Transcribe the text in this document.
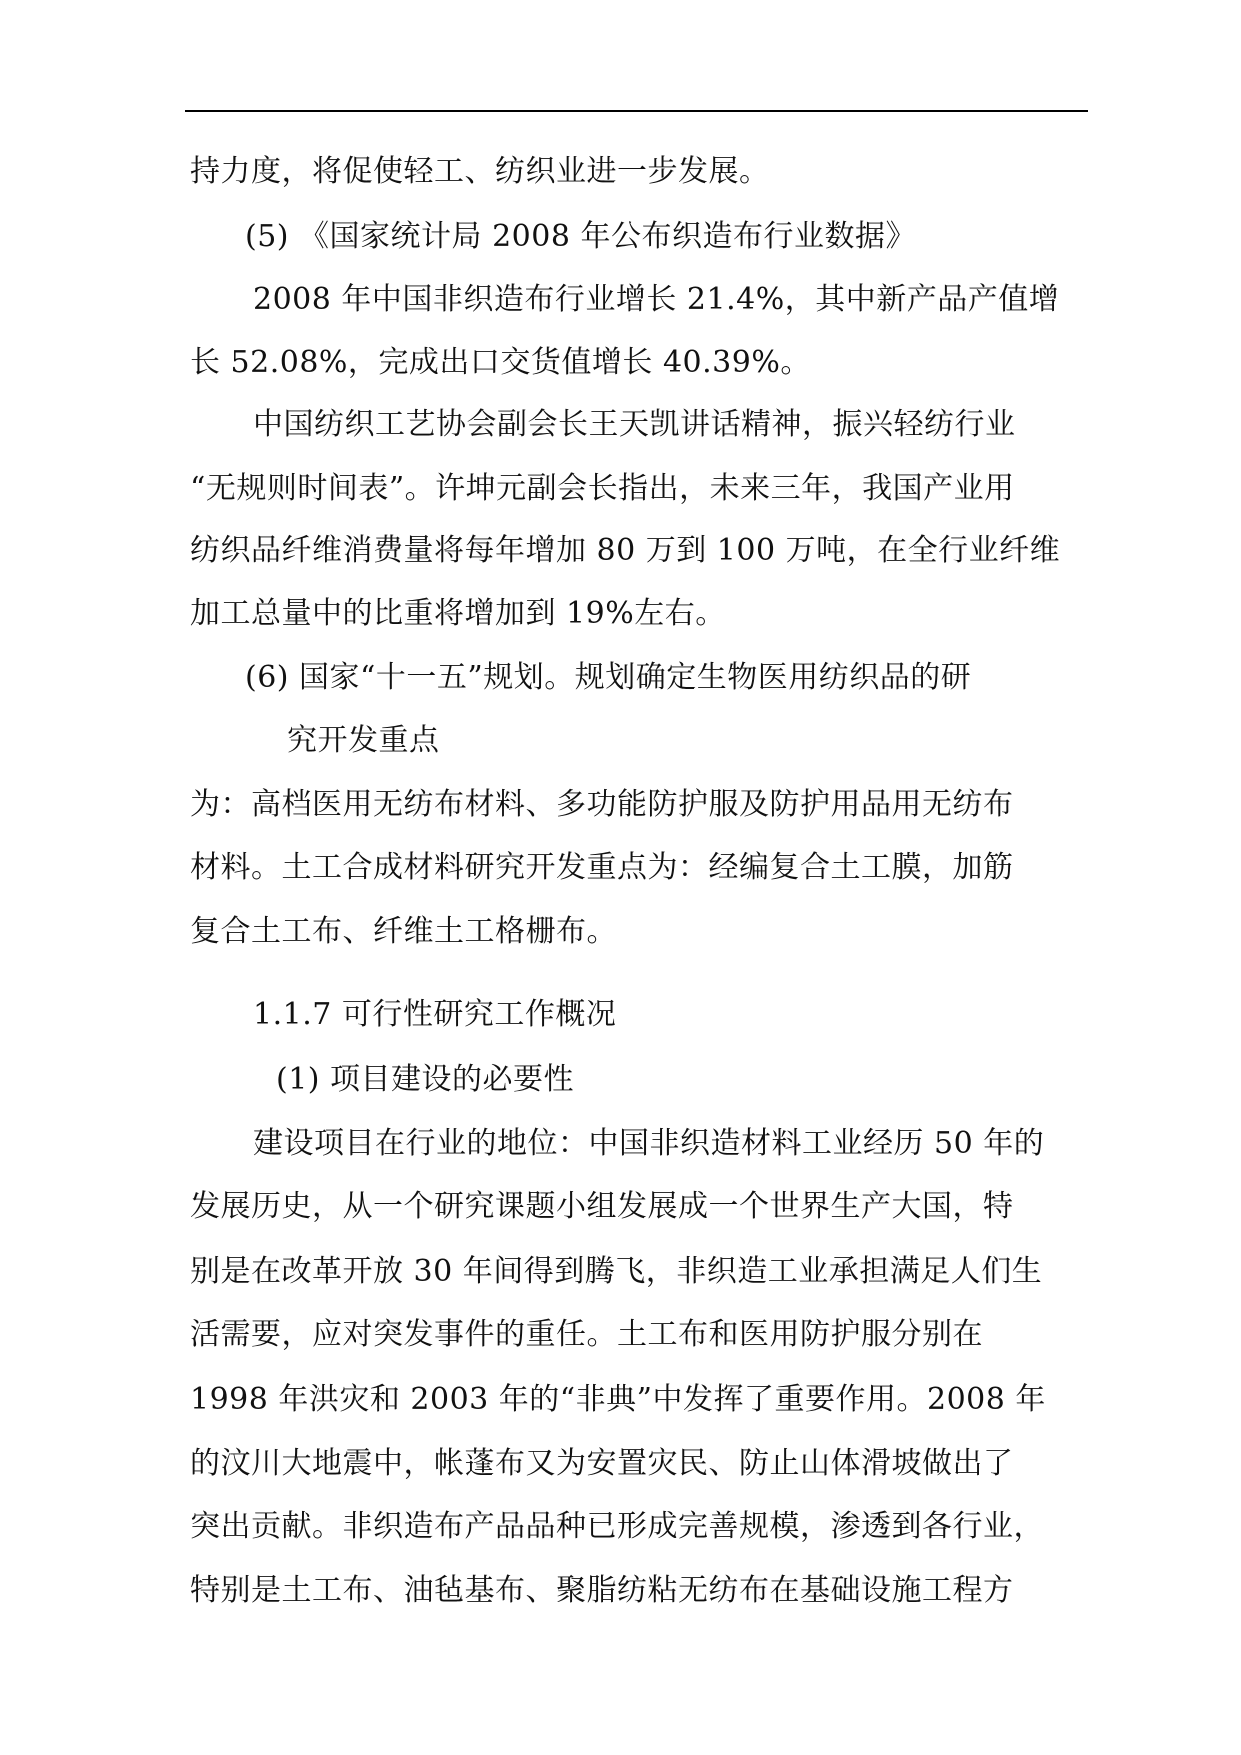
持力度，将促使轻工、纺织业进一步发展。
(5) 《国家统计局 2008 年公布织造布行业数据》
2008 年中国非织造布行业增长 21.4%，其中新产品产值增
长 52.08%，完成出口交货值增长 40.39%。
中国纺织工艺协会副会长王天凯讲话精神，振兴轻纺行业
“无规则时间表”。许坤元副会长指出，未来三年，我国产业用
纺织品纤维消费量将每年增加 80 万到 100 万吨，在全行业纤维
加工总量中的比重将增加到 19%左右。
(6) 国家“十一五”规划。规划确定生物医用纺织品的研
究开发重点
为：高档医用无纺布材料、多功能防护服及防护用品用无纺布
材料。土工合成材料研究开发重点为：经编复合土工膜，加筋
复合土工布、纤维土工格栅布。
1.1.7 可行性研究工作概况
(1) 项目建设的必要性
建设项目在行业的地位：中国非织造材料工业经历 50 年的
发展历史，从一个研究课题小组发展成一个世界生产大国，特
别是在改革开放 30 年间得到腾飞，非织造工业承担满足人们生
活需要，应对突发事件的重任。土工布和医用防护服分别在
1998 年洪灾和 2003 年的“非典”中发挥了重要作用。2008 年
的汶川大地震中，帐蓬布又为安置灾民、防止山体滑坡做出了
突出贡献。非织造布产品品种已形成完善规模，渗透到各行业，
特别是土工布、油毡基布、聚脂纺粘无纺布在基础设施工程方
